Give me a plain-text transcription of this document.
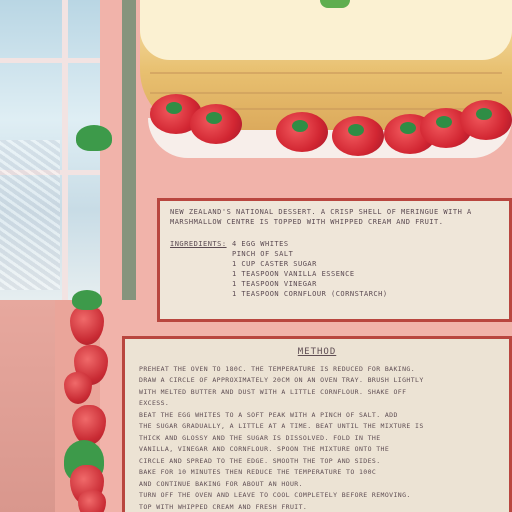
NEW ZEALAND'S NATIONAL DESSERT. A CRISP SHELL OF MERINGUE WITH A MARSHMALLOW CENTRE IS TOPPED WITH WHIPPED CREAM AND FRUIT.
INGREDIENTS: 4 EGG WHITES
PINCH OF SALT
1 CUP CASTER SUGAR
1 TEASPOON VANILLA ESSENCE
1 TEASPOON VINEGAR
1 TEASPOON CORNFLOUR (CORNSTARCH)
METHOD

PREHEAT THE OVEN TO 180C. THE TEMPERATURE IS REDUCED FOR BAKING.

DRAW A CIRCLE OF APPROXIMATELY 20CM ON AN OVEN TRAY. BRUSH LIGHTLY

WITH MELTED BUTTER AND DUST WITH A LITTLE CORNFLOUR. SHAKE OFF

EXCESS.

BEAT THE EGG WHITES TO A SOFT PEAK WITH A PINCH OF SALT. ADD

THE SUGAR GRADUALLY, A LITTLE AT A TIME. BEAT UNTIL THE MIXTURE IS

THICK AND GLOSSY AND THE SUGAR IS DISSOLVED. FOLD IN THE

VANILLA, VINEGAR AND CORNFLOUR. SPOON THE MIXTURE ONTO THE

CIRCLE AND SPREAD TO THE EDGE. SMOOTH THE TOP AND SIDES.

BAKE FOR 10 MINUTES THEN REDUCE THE TEMPERATURE TO 100C

AND CONTINUE BAKING FOR ABOUT AN HOUR.

TURN OFF THE OVEN AND LEAVE TO COOL COMPLETELY BEFORE REMOVING.

TOP WITH WHIPPED CREAM AND FRESH FRUIT.
